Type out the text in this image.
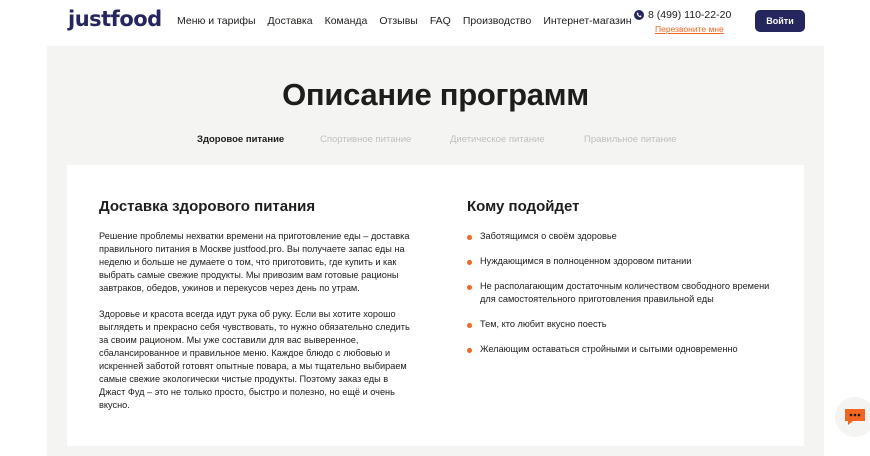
justfood Меню и тарифы Доставка Команда Отзывы FAQ Производство Интернет-магазин 8 (499) 110-22-20
Перезвоните мне
Войти
Описание программ
Здоровое питание	Спортивное питание	Диетическое питание	Правильное питание
Доставка здорового питания

Решение проблемы нехватки времени на приготовление еды – доставка правильного питания в Москве justfood.pro. Вы получаете запас еды на неделю и больше не думаете о том, что приготовить, где купить и как выбрать самые свежие продукты. Мы привозим вам готовые рационы завтраков, обедов, ужинов и перекусов через день по утрам.

Здоровье и красота всегда идут рука об руку. Если вы хотите хорошо выглядеть и прекрасно себя чувствовать, то нужно обязательно следить за своим рационом. Мы уже составили для вас выверенное, сбалансированное и правильное меню. Каждое блюдо с любовью и искренней заботой готовят опытные повара, а мы тщательно выбираем самые свежие экологически чистые продукты. Поэтому заказ еды в Джаст Фуд – это не только просто, быстро и полезно, но ещё и очень вкусно.

Кому подойдет
Заботящимся о своём здоровье
Нуждающимся в полноценном здоровом питании
Не располагающим достаточным количеством свободного времени для самостоятельного приготовления правильной еды
Тем, кто любит вкусно поесть
Желающим оставаться стройными и сытыми одновременно
